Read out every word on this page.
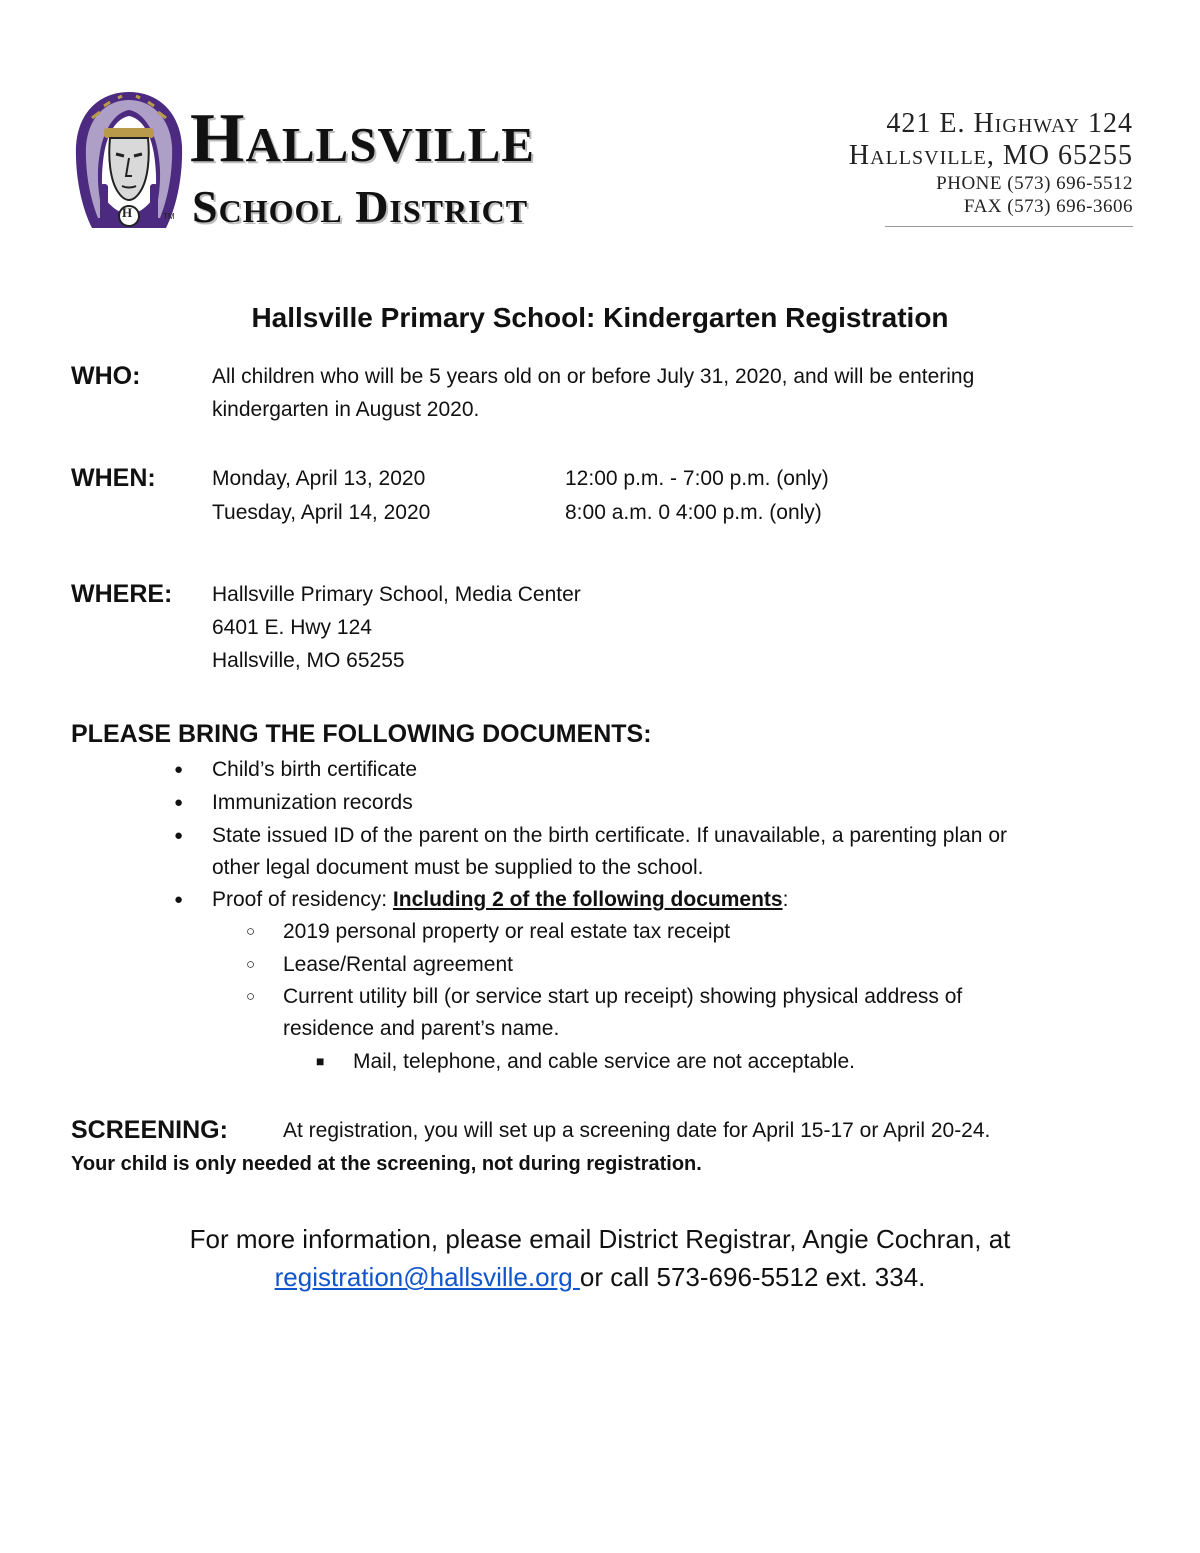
H	TM
Hallsville
School District
421 E. Highway 124
Hallsville, MO 65255
PHONE (573) 696-5512
FAX (573) 696-3606
Hallsville Primary School: Kindergarten Registration
WHO:	All children who will be 5 years old on or before July 31, 2020, and will be entering
kindergarten in August 2020.
WHEN:	Monday, April 13, 2020	12:00 p.m. - 7:00 p.m. (only)
Tuesday, April 14, 2020	8:00 a.m. 0 4:00 p.m. (only)
WHERE: Hallsville Primary School, Media Center
6401 E. Hwy 124
Hallsville, MO 65255
PLEASE BRING THE FOLLOWING DOCUMENTS:
● Child’s birth certificate
● Immunization records
● State issued ID of the parent on the birth certificate. If unavailable, a parenting plan or
other legal document must be supplied to the school.
● Proof of residency: Including 2 of the following documents:
○ 2019 personal property or real estate tax receipt
○ Lease/Rental agreement
○ Current utility bill (or service start up receipt) showing physical address of
residence and parent’s name.
■ Mail, telephone, and cable service are not acceptable.
SCREENING:	At registration, you will set up a screening date for April 15-17 or April 20-24.
Your child is only needed at the screening, not during registration.
For more information, please email District Registrar, Angie Cochran, at
registration@hallsville.org or call 573-696-5512 ext. 334.
